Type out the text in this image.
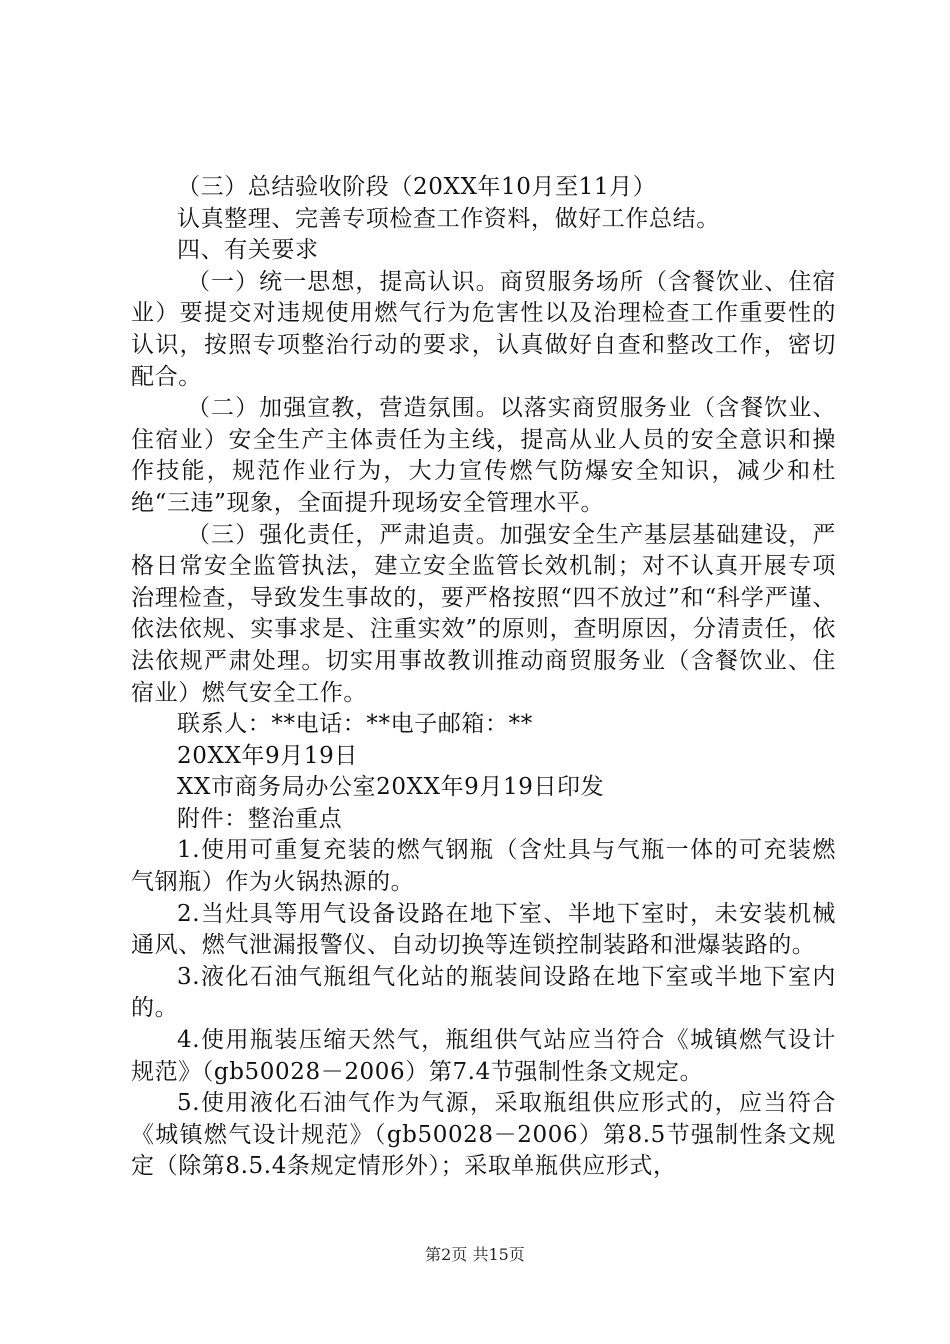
（三）总结验收阶段（20XX年10月至11月）

认真整理、完善专项检查工作资料，做好工作总结。

四、有关要求

（一）统一思想，提高认识。商贸服务场所（含餐饮业、住宿业）要提交对违规使用燃气行为危害性以及治理检查工作重要性的认识，按照专项整治行动的要求，认真做好自查和整改工作，密切配合。

（二）加强宣教，营造氛围。以落实商贸服务业（含餐饮业、住宿业）安全生产主体责任为主线，提高从业人员的安全意识和操作技能，规范作业行为，大力宣传燃气防爆安全知识，减少和杜绝“三违”现象，全面提升现场安全管理水平。

（三）强化责任，严肃追责。加强安全生产基层基础建设，严格日常安全监管执法，建立安全监管长效机制；对不认真开展专项治理检查，导致发生事故的，要严格按照“四不放过”和“科学严谨、依法依规、实事求是、注重实效”的原则，查明原因，分清责任，依法依规严肃处理。切实用事故教训推动商贸服务业（含餐饮业、住宿业）燃气安全工作。

联系人：**电话：**电子邮箱：**

20XX年9月19日

XX市商务局办公室20XX年9月19日印发

附件：整治重点

1.使用可重复充装的燃气钢瓶（含灶具与气瓶一体的可充装燃气钢瓶）作为火锅热源的。

2.当灶具等用气设备设路在地下室、半地下室时，未安装机械通风、燃气泄漏报警仪、自动切换等连锁控制装路和泄爆装路的。

3.液化石油气瓶组气化站的瓶装间设路在地下室或半地下室内的。

4.使用瓶装压缩天然气，瓶组供气站应当符合《城镇燃气设计规范》（gb50028－2006）第7.4节强制性条文规定。

5.使用液化石油气作为气源，采取瓶组供应形式的，应当符合《城镇燃气设计规范》（gb50028－2006）第8.5节强制性条文规定（除第8.5.4条规定情形外）；采取单瓶供应形式，

第2页 共15页
